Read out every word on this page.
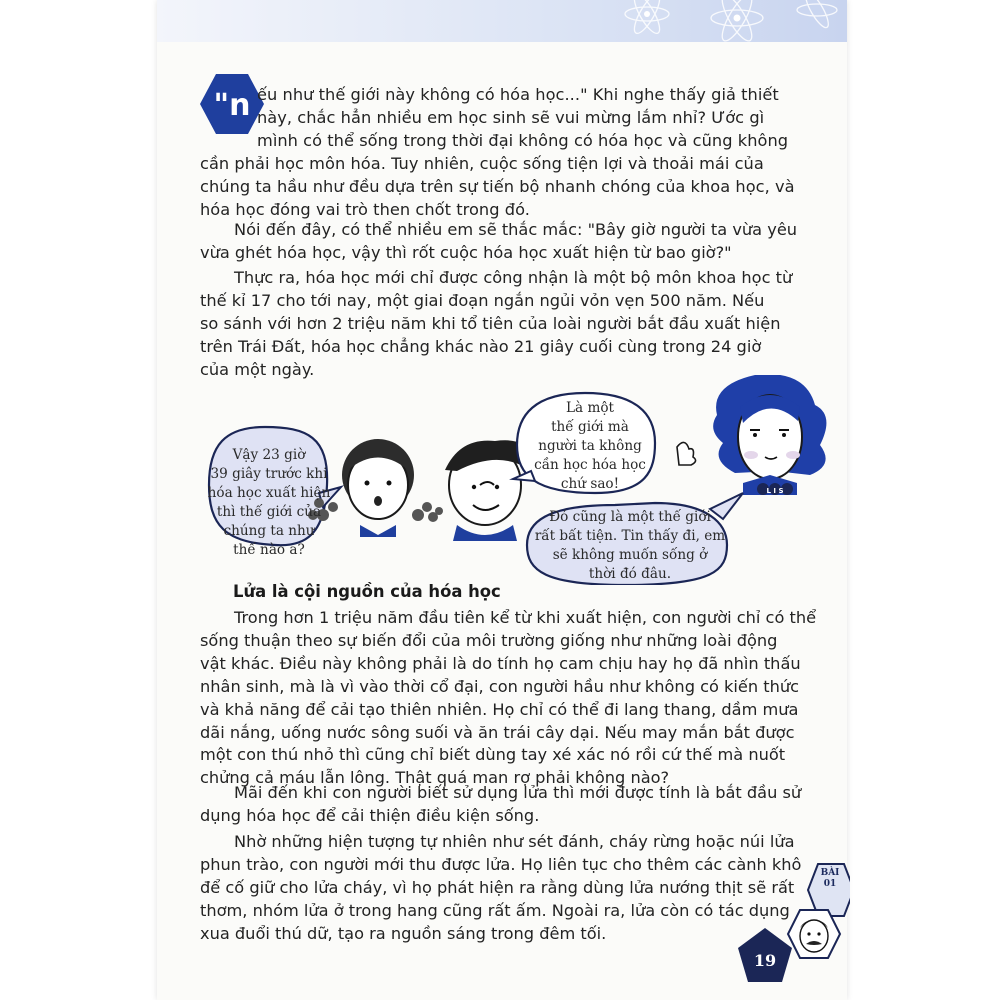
"n ếu như thế giới này không có hóa học..." Khi nghe thấy giả thiết
này, chắc hẳn nhiều em học sinh sẽ vui mừng lắm nhỉ? Ước gì
mình có thể sống trong thời đại không có hóa học và cũng không
cần phải học môn hóa. Tuy nhiên, cuộc sống tiện lợi và thoải mái của
chúng ta hầu như đều dựa trên sự tiến bộ nhanh chóng của khoa học, và
hóa học đóng vai trò then chốt trong đó.
Nói đến đây, có thể nhiều em sẽ thắc mắc: "Bây giờ người ta vừa yêu
vừa ghét hóa học, vậy thì rốt cuộc hóa học xuất hiện từ bao giờ?"
Thực ra, hóa học mới chỉ được công nhận là một bộ môn khoa học từ
thế kỉ 17 cho tới nay, một giai đoạn ngắn ngủi vỏn vẹn 500 năm. Nếu
so sánh với hơn 2 triệu năm khi tổ tiên của loài người bắt đầu xuất hiện
trên Trái Đất, hóa học chẳng khác nào 21 giây cuối cùng trong 24 giờ
của một ngày.
L I S
Vậy 23 giờ
39 giây trước khi
hóa học xuất hiện
thì thế giới của
chúng ta như
thế nào a?
Là một
thế giới mà
người ta không
cần học hóa học
chứ sao!
Đó cũng là một thế giới
rất bất tiện. Tin thấy đi, em
sẽ không muốn sống ở
thời đó đâu.
Lửa là cội nguồn của hóa học
Trong hơn 1 triệu năm đầu tiên kể từ khi xuất hiện, con người chỉ có thể
sống thuận theo sự biến đổi của môi trường giống như những loài động
vật khác. Điều này không phải là do tính họ cam chịu hay họ đã nhìn thấu
nhân sinh, mà là vì vào thời cổ đại, con người hầu như không có kiến thức
và khả năng để cải tạo thiên nhiên. Họ chỉ có thể đi lang thang, dầm mưa
dãi nắng, uống nước sông suối và ăn trái cây dại. Nếu may mắn bắt được
một con thú nhỏ thì cũng chỉ biết dùng tay xé xác nó rồi cứ thế mà nuốt
chửng cả máu lẫn lông. Thật quá man rợ phải không nào?
Mãi đến khi con người biết sử dụng lửa thì mới được tính là bắt đầu sử
dụng hóa học để cải thiện điều kiện sống.
Nhờ những hiện tượng tự nhiên như sét đánh, cháy rừng hoặc núi lửa
phun trào, con người mới thu được lửa. Họ liên tục cho thêm các cành khô
để cố giữ cho lửa cháy, vì họ phát hiện ra rằng dùng lửa nướng thịt sẽ rất
thơm, nhóm lửa ở trong hang cũng rất ấm. Ngoài ra, lửa còn có tác dụng
xua đuổi thú dữ, tạo ra nguồn sáng trong đêm tối.
BÀI
01
19
